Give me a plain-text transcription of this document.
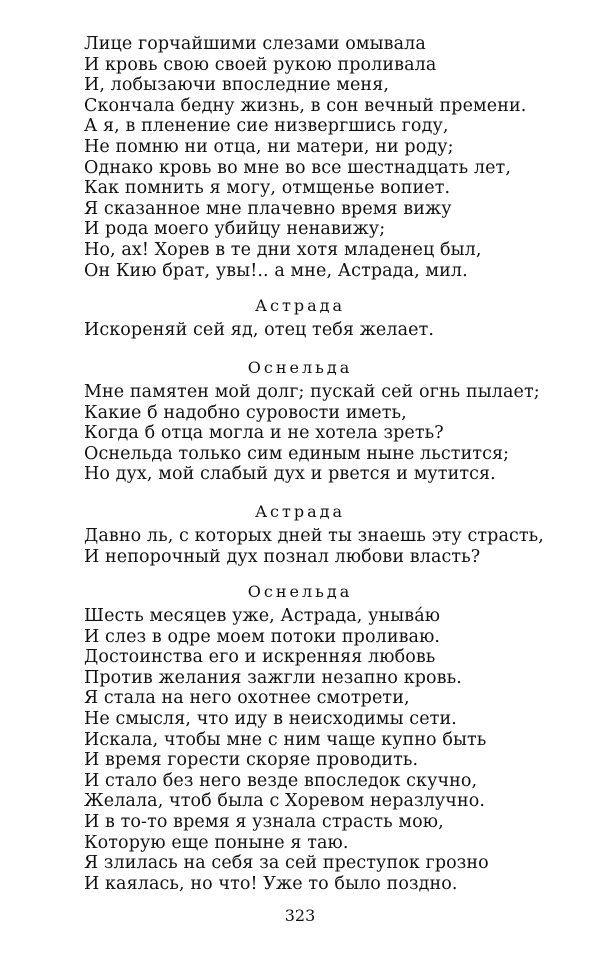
Лице горчайшими слезами омывала
И кровь свою своей рукою проливала
И, лобызаючи впоследние меня,
Скончала бедну жизнь, в сон вечный премени.
А я, в пленение сие низвергшись году,
Не помню ни отца, ни матери, ни роду;
Однако кровь во мне во все шестнадцать лет,
Как помнить я могу, отмщенье вопиет.
Я сказанное мне плачевно время вижу
И рода моего убийцу ненавижу;
Но, ах! Хорев в те дни хотя младенец был,
Он Кию брат, увы!.. а мне, Астрада, мил.
Астрада
Искореняй сей яд, отец тебя желает.
Оснельда
Мне памятен мой долг; пускай сей огнь пылает;
Какие б надобно суровости иметь,
Когда б отца могла и не хотела зреть?
Оснельда только сим единым ныне льстится;
Но дух, мой слабый дух и рвется и мутится.
Астрада
Давно ль, с которых дней ты знаешь эту страсть,
И непорочный дух познал любови власть?
Оснельда
Шесть месяцев уже, Астрада, уныва́ю
И слез в одре моем потоки проливаю.
Достоинства его и искренняя любовь
Против желания зажгли незапно кровь.
Я стала на него охотнее смотрети,
Не смысля, что иду в неисходимы сети.
Искала, чтобы мне с ним чаще купно быть
И время горести скоряе проводить.
И стало без него везде впоследок скучно,
Желала, чтоб была с Хоревом неразлучно.
И в то-то время я узнала страсть мою,
Которую еще поныне я таю.
Я злилась на себя за сей преступок грозно
И каялась, но что! Уже то было поздно.
323
